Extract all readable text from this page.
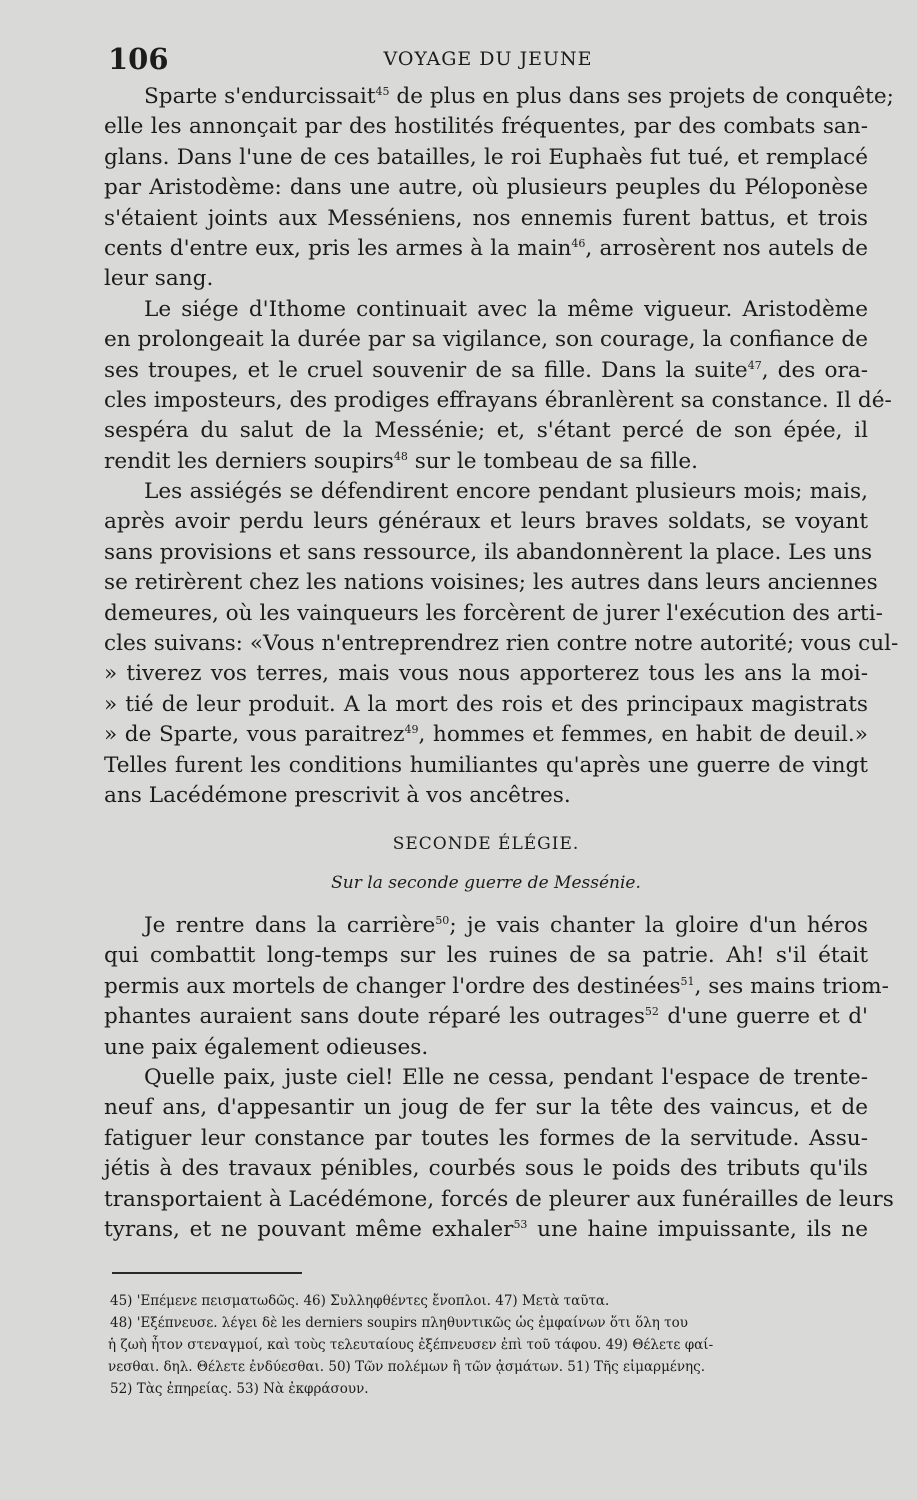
106	VOYAGE DU JEUNE
Sparte s'endurcissait$^{45}$ de plus en plus dans ses projets de conquête;
elle les annonçait par des hostilités fréquentes, par des combats san-
glans. Dans l'une de ces batailles, le roi Euphaès fut tué, et remplacé
par Aristodème: dans une autre, où plusieurs peuples du Péloponèse
s'étaient joints aux Messéniens, nos ennemis furent battus, et trois
cents d'entre eux, pris les armes à la main$^{46}$, arrosèrent nos autels de
leur sang.
Le siége d'Ithome continuait avec la même vigueur. Aristodème
en prolongeait la durée par sa vigilance, son courage, la confiance de
ses troupes, et le cruel souvenir de sa fille. Dans la suite$^{47}$, des ora-
cles imposteurs, des prodiges effrayans ébranlèrent sa constance. Il dé-
sespéra du salut de la Messénie; et, s'étant percé de son épée, il
rendit les derniers soupirs$^{48}$ sur le tombeau de sa fille.
Les assiégés se défendirent encore pendant plusieurs mois; mais,
après avoir perdu leurs généraux et leurs braves soldats, se voyant
sans provisions et sans ressource, ils abandonnèrent la place. Les uns
se retirèrent chez les nations voisines; les autres dans leurs anciennes
demeures, où les vainqueurs les forcèrent de jurer l'exécution des arti-
cles suivans: «Vous n'entreprendrez rien contre notre autorité; vous cul-
» tiverez vos terres, mais vous nous apporterez tous les ans la moi-
» tié de leur produit. A la mort des rois et des principaux magistrats
» de Sparte, vous paraitrez$^{49}$, hommes et femmes, en habit de deuil.»
Telles furent les conditions humiliantes qu'après une guerre de vingt
ans Lacédémone prescrivit à vos ancêtres.
SECONDE ÉLÉGIE.
Sur la seconde guerre de Messénie.
Je rentre dans la carrière$^{50}$; je vais chanter la gloire d'un héros
qui combattit long-temps sur les ruines de sa patrie. Ah! s'il était
permis aux mortels de changer l'ordre des destinées$^{51}$, ses mains triom-
phantes auraient sans doute réparé les outrages$^{52}$ d'une guerre et d'
une paix également odieuses.
Quelle paix, juste ciel! Elle ne cessa, pendant l'espace de trente-
neuf ans, d'appesantir un joug de fer sur la tête des vaincus, et de
fatiguer leur constance par toutes les formes de la servitude. Assu-
jétis à des travaux pénibles, courbés sous le poids des tributs qu'ils
transportaient à Lacédémone, forcés de pleurer aux funérailles de leurs
tyrans, et ne pouvant même exhaler$^{53}$ une haine impuissante, ils ne
45) 'Επέμενε πεισματωδῶς. 46) Συλληφθέντες ἔνοπλοι. 47) Μετὰ ταῦτα.
48) 'Εξέπνευσε. λέγει δὲ les derniers soupirs πληθυντικῶς ὡς ἐμφαίνων ὅτι ὅλη του
ἡ ζωὴ ἦτον στεναγμοί, καὶ τοὺς τελευταίους ἐξέπνευσεν ἐπὶ τοῦ τάφου. 49) Θέλετε φαί-
νεσθαι. δηλ. Θέλετε ἐνδύεσθαι. 50) Τῶν πολέμων ἢ τῶν ᾀσμάτων. 51) Τῆς εἱμαρμένης.
52) Τὰς ἐπηρείας. 53) Νὰ ἐκφράσουν.
